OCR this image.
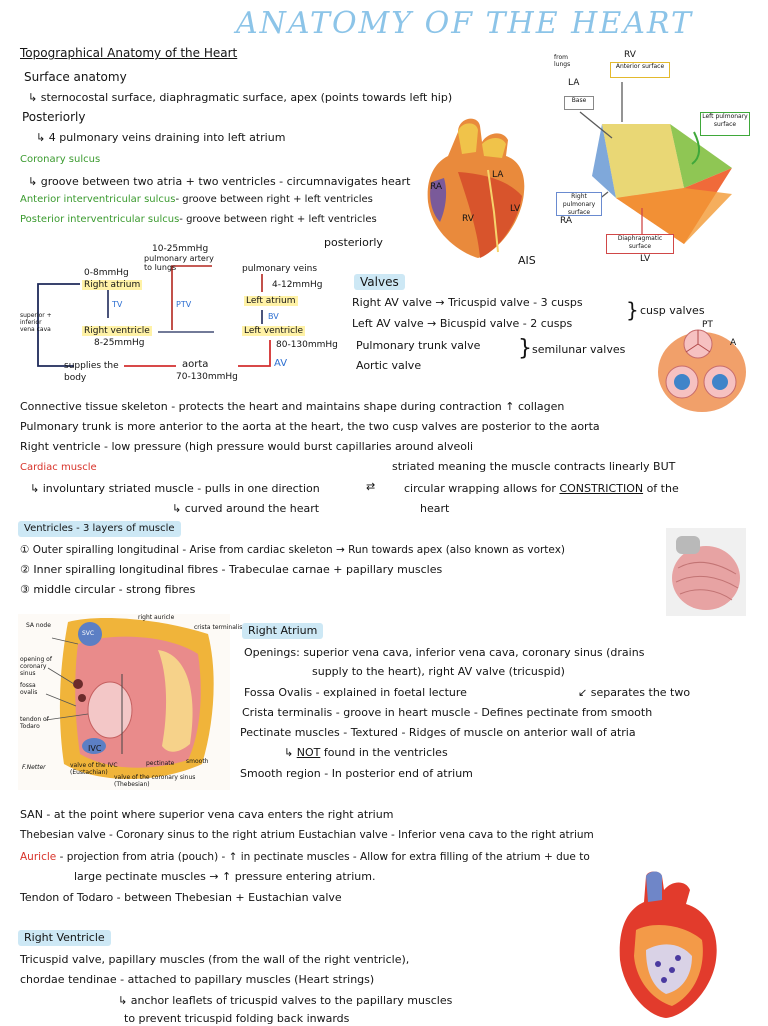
ANATOMY OF THE HEART
Topographical Anatomy of the Heart
Surface anatomy
↳ sternocostal surface, diaphragmatic surface, apex (points towards left hip)
Posteriorly
↳ 4 pulmonary veins draining into left atrium
Coronary sulcus
↳ groove between two atria + two ventricles - circumnavigates heart
Anterior interventricular sulcus- groove between right + left ventricles
Posterior interventricular sulcus- groove between right + left ventricles
posteriorly
RA
LA
RV
LV
AIS
from lungs
RV
Anterior surface
LA
Base
Left pulmonary surface
Right pulmonary surface
RA
Diaphragmatic surface
LV
10-25mmHg
pulmonary artery to lungs	pulmonary veins
4-12mmHg
0-8mmHg
Right atrium
Left atrium
TV	PTV
BV
superior + inferior vena cava	Right ventricle	Left ventricle
8-25mmHg	80-130mmHg
AV
supplies the body
aorta
70-130mmHg
Valves
Right AV valve → Tricuspid valve - 3 cusps
Left AV valve → Bicuspid valve - 2 cusps
} cusp valves
Pulmonary trunk valve
Aortic valve
} semilunar valves
PT
A
Connective tissue skeleton - protects the heart and maintains shape during contraction ↑ collagen
Pulmonary trunk is more anterior to the aorta at the heart, the two cusp valves are posterior to the aorta
Right ventricle - low pressure (high pressure would burst capillaries around alveoli
Cardiac muscle
↳ involuntary striated muscle - pulls in one direction
↳ curved around the heart
striated meaning the muscle contracts linearly BUT
⇄	circular wrapping allows for CONSTRICTION of the
heart
Ventricles - 3 layers of muscle
① Outer spiralling longitudinal - Arise from cardiac skeleton → Run towards apex (also known as vortex)
② Inner spiralling longitudinal fibres - Trabeculae carnae + papillary muscles
③ middle circular - strong fibres
SA node
SVC
right auricle
crista terminalis
opening of coronary sinus
fossa ovalis
tendon of Todaro
IVC
valve of the IVC (Eustachian)
valve of the coronary sinus (Thebesian)
pectinate smooth
F.Netter
Right Atrium
Openings: superior vena cava, inferior vena cava, coronary sinus (drains
supply to the heart), right AV valve (tricuspid)
Fossa Ovalis - explained in foetal lecture	↙ separates the two
Crista terminalis - groove in heart muscle - Defines pectinate from smooth
Pectinate muscles - Textured - Ridges of muscle on anterior wall of atria
↳ NOT found in the ventricles
Smooth region - In posterior end of atrium
SAN - at the point where superior vena cava enters the right atrium
Thebesian valve - Coronary sinus to the right atrium Eustachian valve - Inferior vena cava to the right atrium
Auricle - projection from atria (pouch) - ↑ in pectinate muscles - Allow for extra filling of the atrium + due to
large pectinate muscles → ↑ pressure entering atrium.
Tendon of Todaro - between Thebesian + Eustachian valve
Right Ventricle
Tricuspid valve, papillary muscles (from the wall of the right ventricle),
chordae tendinae - attached to papillary muscles (Heart strings)
↳ anchor leaflets of tricuspid valves to the papillary muscles
to prevent tricuspid folding back inwards
